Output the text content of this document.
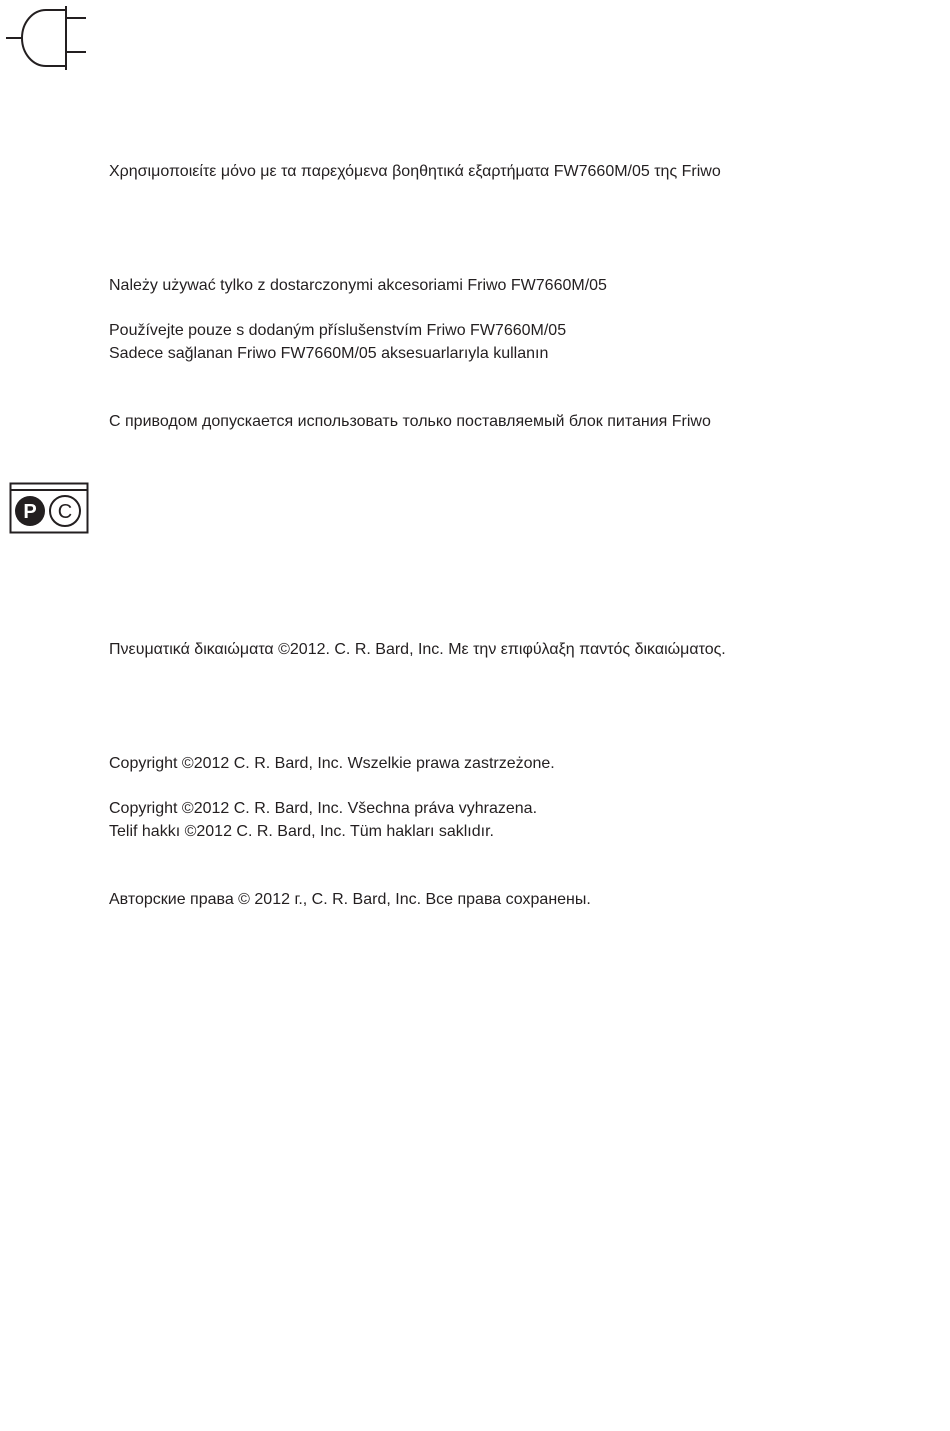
Χρησιμοποιείτε μόνο με τα παρεχόμενα βοηθητικά εξαρτήματα FW7660M/05 της Friwo

Należy używać tylko z dostarczonymi akcesoriami Friwo FW7660M/05

Používejte pouze s dodaným příslušenstvím Friwo FW7660M/05

Sadece sağlanan Friwo FW7660M/05 aksesuarlarıyla kullanın

С приводом допускается использовать только поставляемый блок питания Friwo

P C

Πνευματικά δικαιώματα ©2012. C. R. Bard, Inc. Με την επιφύλαξη παντός δικαιώματος.

Copyright ©2012 C. R. Bard, Inc. Wszelkie prawa zastrzeżone.

Copyright ©2012 C. R. Bard, Inc. Všechna práva vyhrazena.

Telif hakkı ©2012 C. R. Bard, Inc. Tüm hakları saklıdır.

Авторские права © 2012 г., C. R. Bard, Inc. Все права сохранены.
